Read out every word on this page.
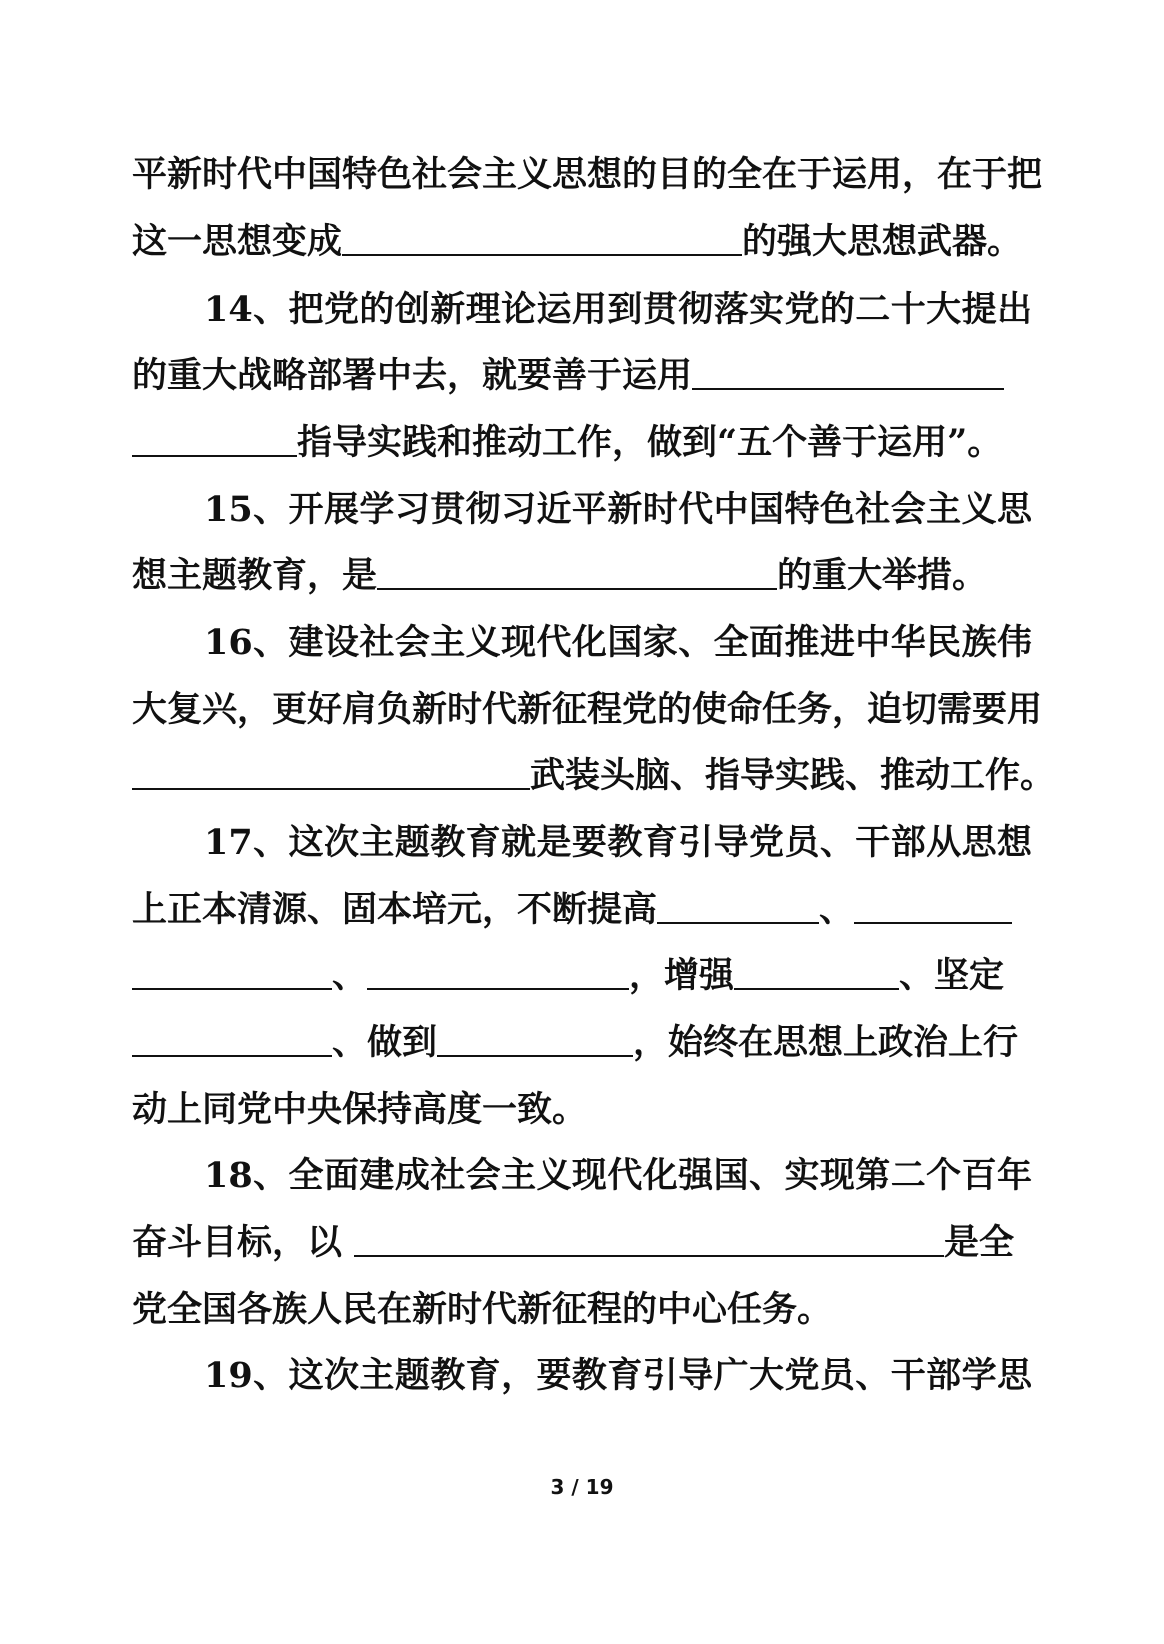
平新时代中国特色社会主义思想的目的全在于运用，在于把
这一思想变成	的强大思想武器。
14、把党的创新理论运用到贯彻落实党的二十大提出
的重大战略部署中去，就要善于运用
指导实践和推动工作，做到“五个善于运用”。
15、开展学习贯彻习近平新时代中国特色社会主义思
想主题教育，是	的重大举措。
16、建设社会主义现代化国家、全面推进中华民族伟
大复兴，更好肩负新时代新征程党的使命任务，迫切需要用
武装头脑、指导实践、推动工作。
17、这次主题教育就是要教育引导党员、干部从思想
上正本清源、固本培元，不断提高	、
、	，增强	、坚定
、做到	，始终在思想上政治上行
动上同党中央保持高度一致。
18、全面建成社会主义现代化强国、实现第二个百年
奋斗目标，以	是全
党全国各族人民在新时代新征程的中心任务。
19、这次主题教育，要教育引导广大党员、干部学思
3 / 19
